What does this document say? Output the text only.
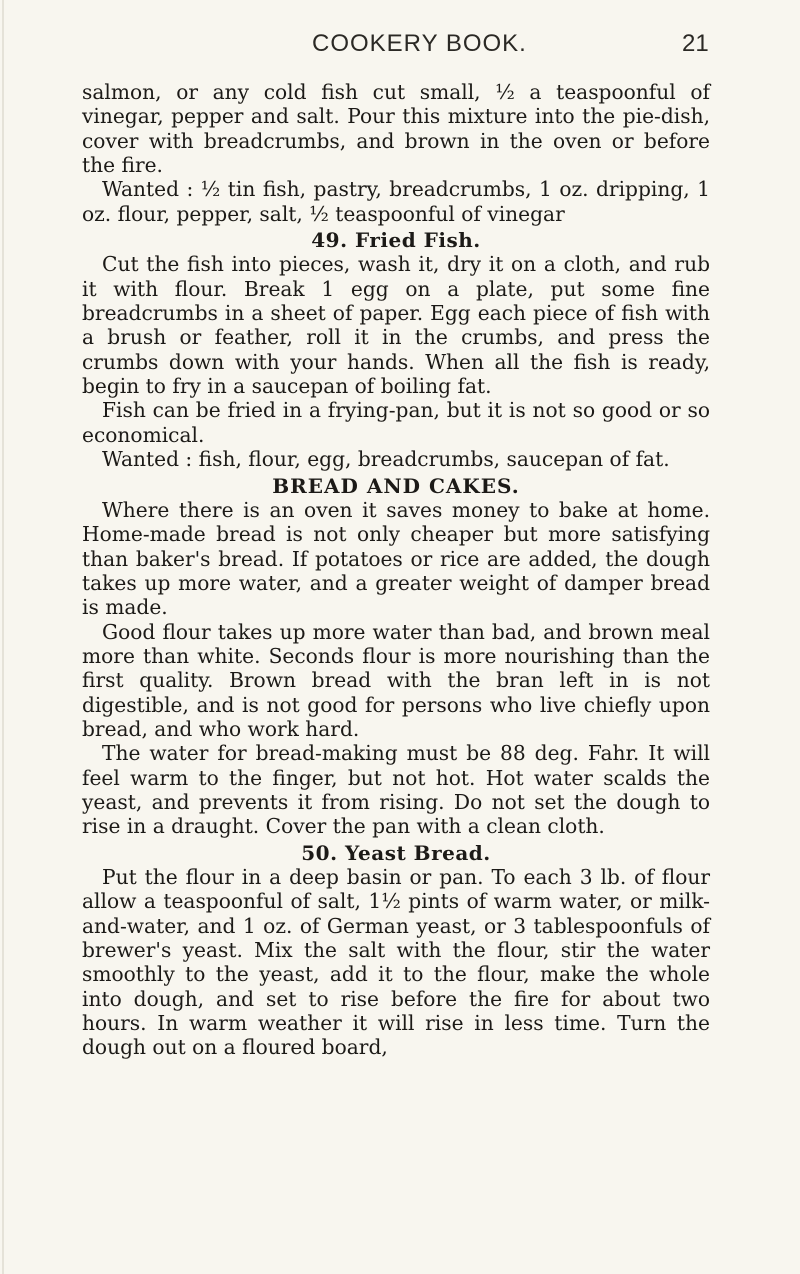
COOKERY BOOK.	21

salmon, or any cold fish cut small, ½ a teaspoonful of vinegar, pepper and salt. Pour this mixture into the pie-dish, cover with breadcrumbs, and brown in the oven or before the fire.

Wanted : ½ tin fish, pastry, breadcrumbs, 1 oz. dripping, 1 oz. flour, pepper, salt, ½ teaspoonful of vinegar

49. Fried Fish.

Cut the fish into pieces, wash it, dry it on a cloth, and rub it with flour. Break 1 egg on a plate, put some fine breadcrumbs in a sheet of paper. Egg each piece of fish with a brush or feather, roll it in the crumbs, and press the crumbs down with your hands. When all the fish is ready, begin to fry in a saucepan of boiling fat.

Fish can be fried in a frying-pan, but it is not so good or so economical.

Wanted : fish, flour, egg, breadcrumbs, saucepan of fat.

BREAD AND CAKES.

Where there is an oven it saves money to bake at home. Home-made bread is not only cheaper but more satisfying than baker's bread. If potatoes or rice are added, the dough takes up more water, and a greater weight of damper bread is made.

Good flour takes up more water than bad, and brown meal more than white. Seconds flour is more nourishing than the first quality. Brown bread with the bran left in is not digestible, and is not good for persons who live chiefly upon bread, and who work hard.

The water for bread-making must be 88 deg. Fahr. It will feel warm to the finger, but not hot. Hot water scalds the yeast, and prevents it from rising. Do not set the dough to rise in a draught. Cover the pan with a clean cloth.

50. Yeast Bread.

Put the flour in a deep basin or pan. To each 3 lb. of flour allow a teaspoonful of salt, 1½ pints of warm water, or milk-and-water, and 1 oz. of German yeast, or 3 tablespoonfuls of brewer's yeast. Mix the salt with the flour, stir the water smoothly to the yeast, add it to the flour, make the whole into dough, and set to rise before the fire for about two hours. In warm weather it will rise in less time. Turn the dough out on a floured board,
